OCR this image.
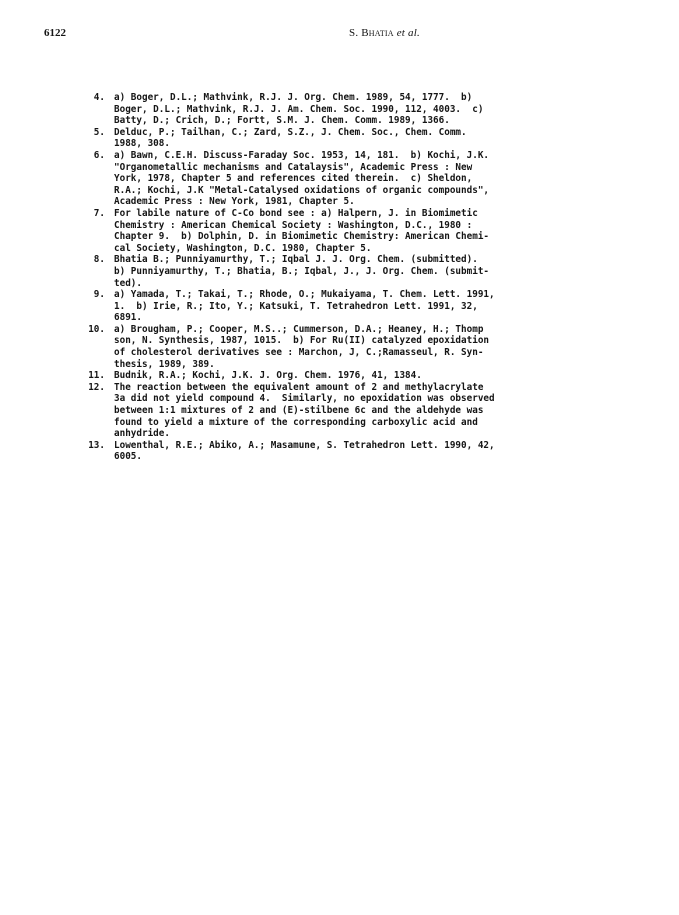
6122	S. Bhatia et al.
4. a) Boger, D.L.; Mathvink, R.J. J. Org. Chem. 1989, 54, 1777.  b)
Boger, D.L.; Mathvink, R.J. J. Am. Chem. Soc. 1990, 112, 4003.  c)
Batty, D.; Crich, D.; Fortt, S.M. J. Chem. Comm. 1989, 1366.
5. Delduc, P.; Tailhan, C.; Zard, S.Z., J. Chem. Soc., Chem. Comm.
1988, 308.
6. a) Bawn, C.E.H. Discuss-Faraday Soc. 1953, 14, 181.  b) Kochi, J.K.
"Organometallic mechanisms and Catalaysis", Academic Press : New
York, 1978, Chapter 5 and references cited therein.  c) Sheldon,
R.A.; Kochi, J.K "Metal-Catalysed oxidations of organic compounds",
Academic Press : New York, 1981, Chapter 5.
7. For labile nature of C-Co bond see : a) Halpern, J. in Biomimetic
Chemistry : American Chemical Society : Washington, D.C., 1980 :
Chapter 9.  b) Dolphin, D. in Biomimetic Chemistry: American Chemi-
cal Society, Washington, D.C. 1980, Chapter 5.
8. Bhatia B.; Punniyamurthy, T.; Iqbal J. J. Org. Chem. (submitted).
b) Punniyamurthy, T.; Bhatia, B.; Iqbal, J., J. Org. Chem. (submit-
ted).
9. a) Yamada, T.; Takai, T.; Rhode, O.; Mukaiyama, T. Chem. Lett. 1991,
1.  b) Irie, R.; Ito, Y.; Katsuki, T. Tetrahedron Lett. 1991, 32,
6891.
10. a) Brougham, P.; Cooper, M.S..; Cummerson, D.A.; Heaney, H.; Thomp
son, N. Synthesis, 1987, 1015.  b) For Ru(II) catalyzed epoxidation
of cholesterol derivatives see : Marchon, J, C.;Ramasseul, R. Syn-
thesis, 1989, 389.
11. Budnik, R.A.; Kochi, J.K. J. Org. Chem. 1976, 41, 1384.
12. The reaction between the equivalent amount of 2 and methylacrylate
3a did not yield compound 4.  Similarly, no epoxidation was observed
between 1:1 mixtures of 2 and (E)-stilbene 6c and the aldehyde was
found to yield a mixture of the corresponding carboxylic acid and
anhydride.
13. Lowenthal, R.E.; Abiko, A.; Masamune, S. Tetrahedron Lett. 1990, 42,
6005.
